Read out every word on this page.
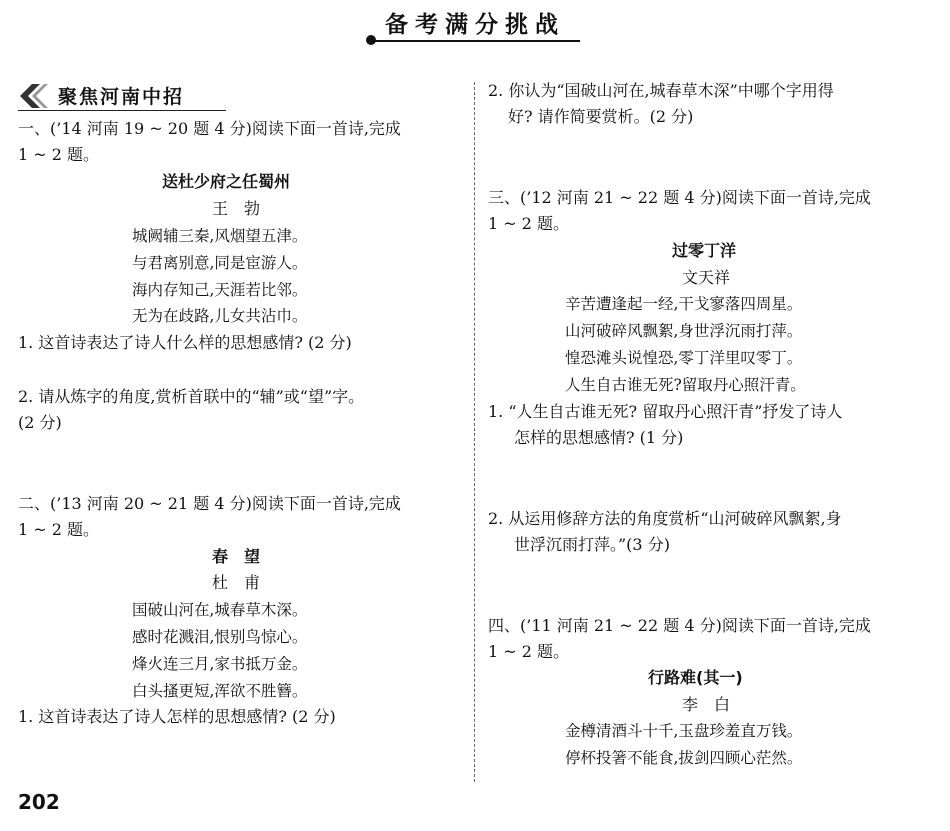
备考满分挑战
聚焦河南中招
一、(’14 河南 19 ~ 20 题 4 分)阅读下面一首诗,完成
1 ~ 2 题。
送杜少府之任蜀州
王　勃
城阙辅三秦,风烟望五津。
与君离别意,同是宦游人。
海内存知己,天涯若比邻。
无为在歧路,儿女共沾巾。
1. 这首诗表达了诗人什么样的思想感情? (2 分)
2. 请从炼字的角度,赏析首联中的“辅”或“望”字。
(2 分)
二、(’13 河南 20 ~ 21 题 4 分)阅读下面一首诗,完成
1 ~ 2 题。
春　望
杜　甫
国破山河在,城春草木深。
感时花溅泪,恨别鸟惊心。
烽火连三月,家书抵万金。
白头搔更短,浑欲不胜簪。
1. 这首诗表达了诗人怎样的思想感情? (2 分)
2. 你认为“国破山河在,城春草木深”中哪个字用得
好? 请作简要赏析。(2 分)
三、(’12 河南 21 ~ 22 题 4 分)阅读下面一首诗,完成
1 ~ 2 题。
过零丁洋
文天祥
辛苦遭逢起一经,干戈寥落四周星。
山河破碎风飘絮,身世浮沉雨打萍。
惶恐滩头说惶恐,零丁洋里叹零丁。
人生自古谁无死?留取丹心照汗青。
1. “人生自古谁无死? 留取丹心照汗青”抒发了诗人
怎样的思想感情? (1 分)
2. 从运用修辞方法的角度赏析“山河破碎风飘絮,身
世浮沉雨打萍。”(3 分)
四、(’11 河南 21 ~ 22 题 4 分)阅读下面一首诗,完成
1 ~ 2 题。
行路难(其一)
李　白
金樽清酒斗十千,玉盘珍羞直万钱。
停杯投箸不能食,拔剑四顾心茫然。
202
